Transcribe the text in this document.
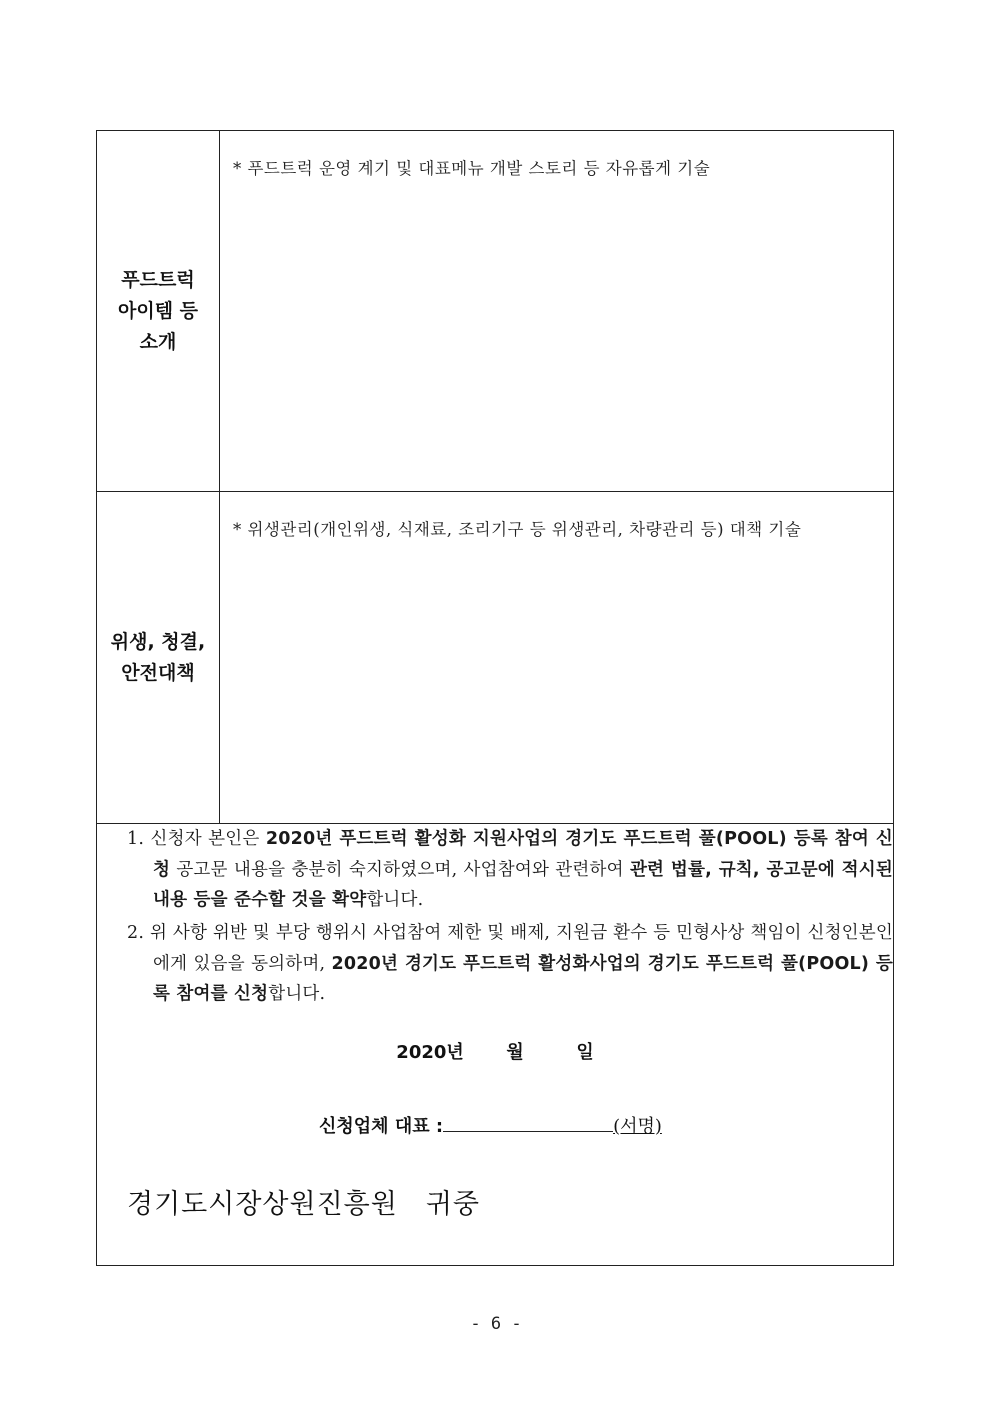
푸드트럭
아이템 등
소개
* 푸드트럭 운영 계기 및 대표메뉴 개발 스토리 등 자유롭게 기술
위생, 청결,
안전대책
* 위생관리(개인위생, 식재료, 조리기구 등 위생관리, 차량관리 등) 대책 기술
1. 신청자 본인은 2020년 푸드트럭 활성화 지원사업의 경기도 푸드트럭 풀(POOL) 등록 참여 신청 공고문 내용을 충분히 숙지하였으며, 사업참여와 관련하여 관련 법률, 규칙, 공고문에 적시된 내용 등을 준수할 것을 확약합니다.
2. 위 사항 위반 및 부당 행위시 사업참여 제한 및 배제, 지원금 환수 등 민형사상 책임이 신청인본인에게 있음을 동의하며, 2020년 경기도 푸드트럭 활성화사업의 경기도 푸드트럭 풀(POOL) 등록 참여를 신청합니다.
2020년 월	일
신청업체 대표 :	(서명)
경기도시장상원진흥원 귀중
- 6 -
